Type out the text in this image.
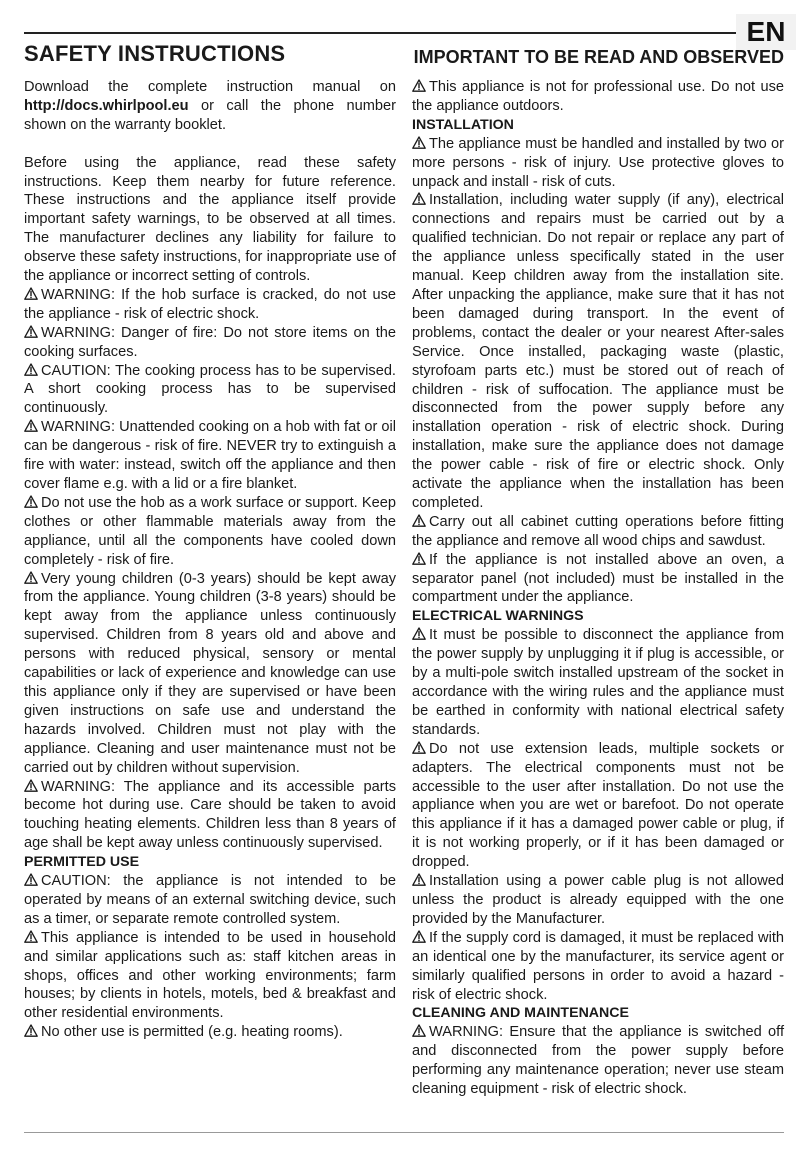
EN
SAFETY INSTRUCTIONS	IMPORTANT TO BE READ AND OBSERVED

Download the complete instruction manual on http://docs.whirlpool.eu or call the phone number shown on the warranty booklet.

Before using the appliance, read these safety instructions. Keep them nearby for future reference. These instructions and the appliance itself provide important safety warnings, to be observed at all times. The manufacturer declines any liability for failure to observe these safety instructions, for inappropriate use of the appliance or incorrect setting of controls.

WARNING: If the hob surface is cracked, do not use the appliance - risk of electric shock.

WARNING: Danger of fire: Do not store items on the cooking surfaces.

CAUTION: The cooking process has to be supervised. A short cooking process has to be supervised continuously.

WARNING: Unattended cooking on a hob with fat or oil can be dangerous - risk of fire. NEVER try to extinguish a fire with water: instead, switch off the appliance and then cover flame e.g. with a lid or a fire blanket.

Do not use the hob as a work surface or support. Keep clothes or other flammable materials away from the appliance, until all the components have cooled down completely - risk of fire.

Very young children (0-3 years) should be kept away from the appliance. Young children (3-8 years) should be kept away from the appliance unless continuously supervised. Children from 8 years old and above and persons with reduced physical, sensory or mental capabilities or lack of experience and knowledge can use this appliance only if they are supervised or have been given instructions on safe use and understand the hazards involved. Children must not play with the appliance. Cleaning and user maintenance must not be carried out by children without supervision.

WARNING: The appliance and its accessible parts become hot during use. Care should be taken to avoid touching heating elements. Children less than 8 years of age shall be kept away unless continuously supervised.

PERMITTED USE

CAUTION: the appliance is not intended to be operated by means of an external switching device, such as a timer, or separate remote controlled system.

This appliance is intended to be used in household and similar applications such as: staff kitchen areas in shops, offices and other working environments; farm houses; by clients in hotels, motels, bed & breakfast and other residential environments.

No other use is permitted (e.g. heating rooms).

This appliance is not for professional use. Do not use the appliance outdoors.

INSTALLATION

The appliance must be handled and installed by two or more persons - risk of injury. Use protective gloves to unpack and install - risk of cuts.

Installation, including water supply (if any), electrical connections and repairs must be carried out by a qualified technician. Do not repair or replace any part of the appliance unless specifically stated in the user manual. Keep children away from the installation site. After unpacking the appliance, make sure that it has not been damaged during transport. In the event of problems, contact the dealer or your nearest After-sales Service. Once installed, packaging waste (plastic, styrofoam parts etc.) must be stored out of reach of children - risk of suffocation. The appliance must be disconnected from the power supply before any installation operation - risk of electric shock. During installation, make sure the appliance does not damage the power cable - risk of fire or electric shock. Only activate the appliance when the installation has been completed.

Carry out all cabinet cutting operations before fitting the appliance and remove all wood chips and sawdust.

If the appliance is not installed above an oven, a separator panel (not included) must be installed in the compartment under the appliance.

ELECTRICAL WARNINGS

It must be possible to disconnect the appliance from the power supply by unplugging it if plug is accessible, or by a multi-pole switch installed upstream of the socket in accordance with the wiring rules and the appliance must be earthed in conformity with national electrical safety standards.

Do not use extension leads, multiple sockets or adapters. The electrical components must not be accessible to the user after installation. Do not use the appliance when you are wet or barefoot. Do not operate this appliance if it has a damaged power cable or plug, if it is not working properly, or if it has been damaged or dropped.

Installation using a power cable plug is not allowed unless the product is already equipped with the one provided by the Manufacturer.

If the supply cord is damaged, it must be replaced with an identical one by the manufacturer, its service agent or similarly qualified persons in order to avoid a hazard - risk of electric shock.

CLEANING AND MAINTENANCE

WARNING: Ensure that the appliance is switched off and disconnected from the power supply before performing any maintenance operation; never use steam cleaning equipment - risk of electric shock.
